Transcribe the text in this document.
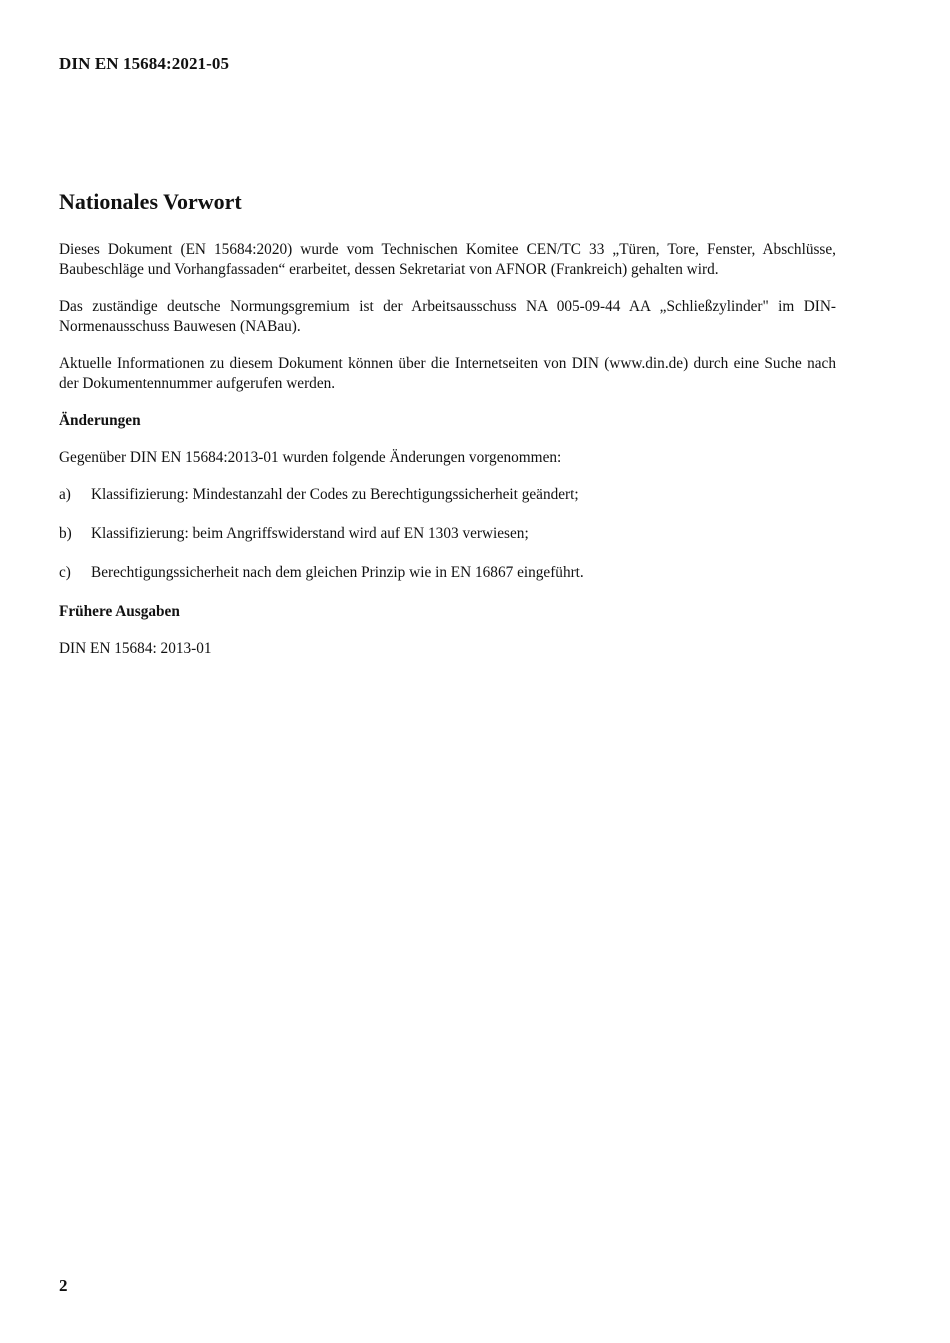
DIN EN 15684:2021-05
Nationales Vorwort

Dieses Dokument (EN 15684:2020) wurde vom Technischen Komitee CEN/TC 33 „Türen, Tore, Fenster, Abschlüsse, Baubeschläge und Vorhangfassaden“ erarbeitet, dessen Sekretariat von AFNOR (Frankreich) gehalten wird.

Das zuständige deutsche Normungsgremium ist der Arbeitsausschuss NA 005-09-44 AA „Schließzylinder" im DIN-Normenausschuss Bauwesen (NABau).

Aktuelle Informationen zu diesem Dokument können über die Internetseiten von DIN (www.din.de) durch eine Suche nach der Dokumentennummer aufgerufen werden.

Änderungen

Gegenüber DIN EN 15684:2013-01 wurden folgende Änderungen vorgenommen:

a)	Klassifizierung: Mindestanzahl der Codes zu Berechtigungssicherheit geändert;
b)	Klassifizierung: beim Angriffswiderstand wird auf EN 1303 verwiesen;
c)	Berechtigungssicherheit nach dem gleichen Prinzip wie in EN 16867 eingeführt.
Frühere Ausgaben

DIN EN 15684: 2013-01

2
